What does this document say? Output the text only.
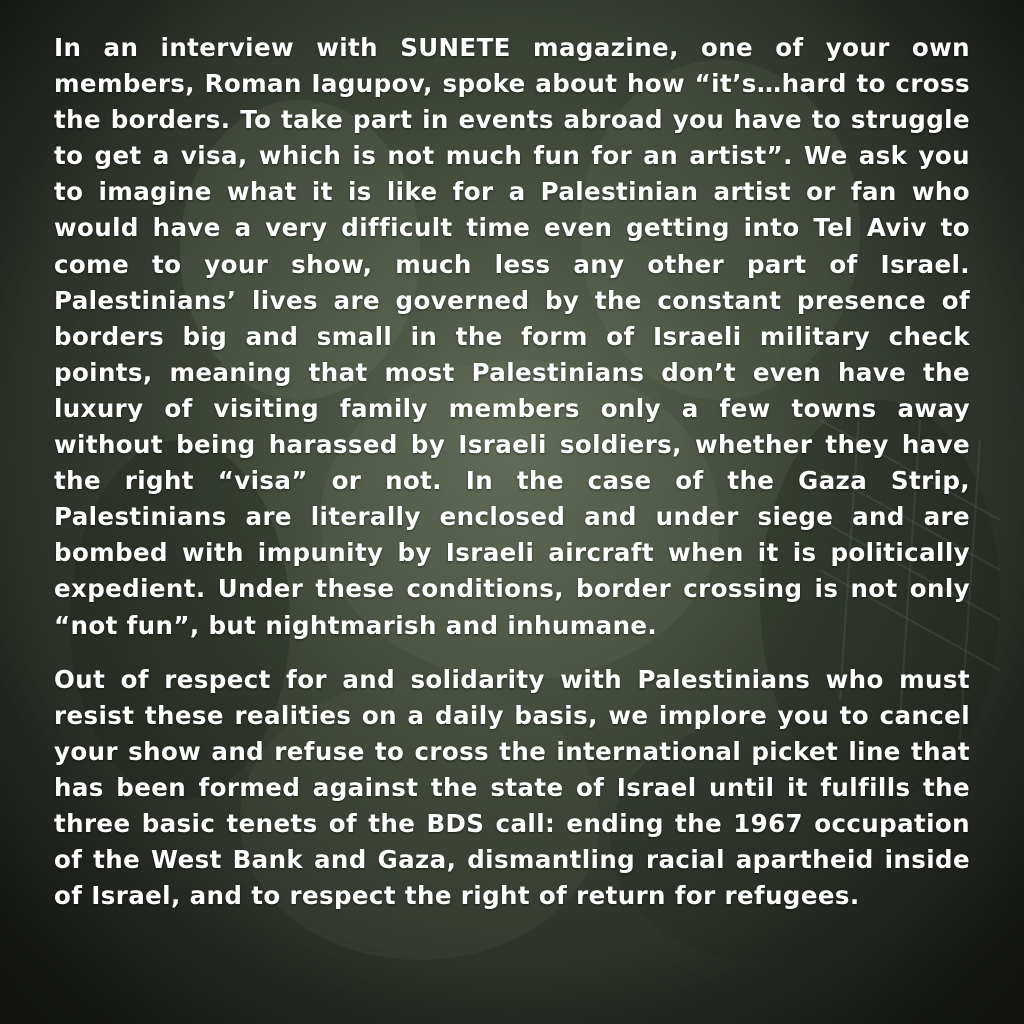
In an interview with SUNETE magazine, one of your own members, Roman Iagupov, spoke about how “it’s…hard to cross the borders. To take part in events abroad you have to struggle to get a visa, which is not much fun for an artist”. We ask you to imagine what it is like for a Palestinian artist or fan who would have a very difficult time even getting into Tel Aviv to come to your show, much less any other part of Israel. Palestinians’ lives are governed by the constant presence of borders big and small in the form of Israeli military check points, meaning that most Palestinians don’t even have the luxury of visiting family members only a few towns away without being harassed by Israeli soldiers, whether they have the right “visa” or not. In the case of the Gaza Strip, Palestinians are literally enclosed and under siege and are bombed with impunity by Israeli aircraft when it is politically expedient. Under these conditions, border crossing is not only “not fun”, but nightmarish and inhumane.

Out of respect for and solidarity with Palestinians who must resist these realities on a daily basis, we implore you to cancel your show and refuse to cross the international picket line that has been formed against the state of Israel until it fulfills the three basic tenets of the BDS call: ending the 1967 occupation of the West Bank and Gaza, dismantling racial apartheid inside of Israel, and to respect the right of return for refugees.
